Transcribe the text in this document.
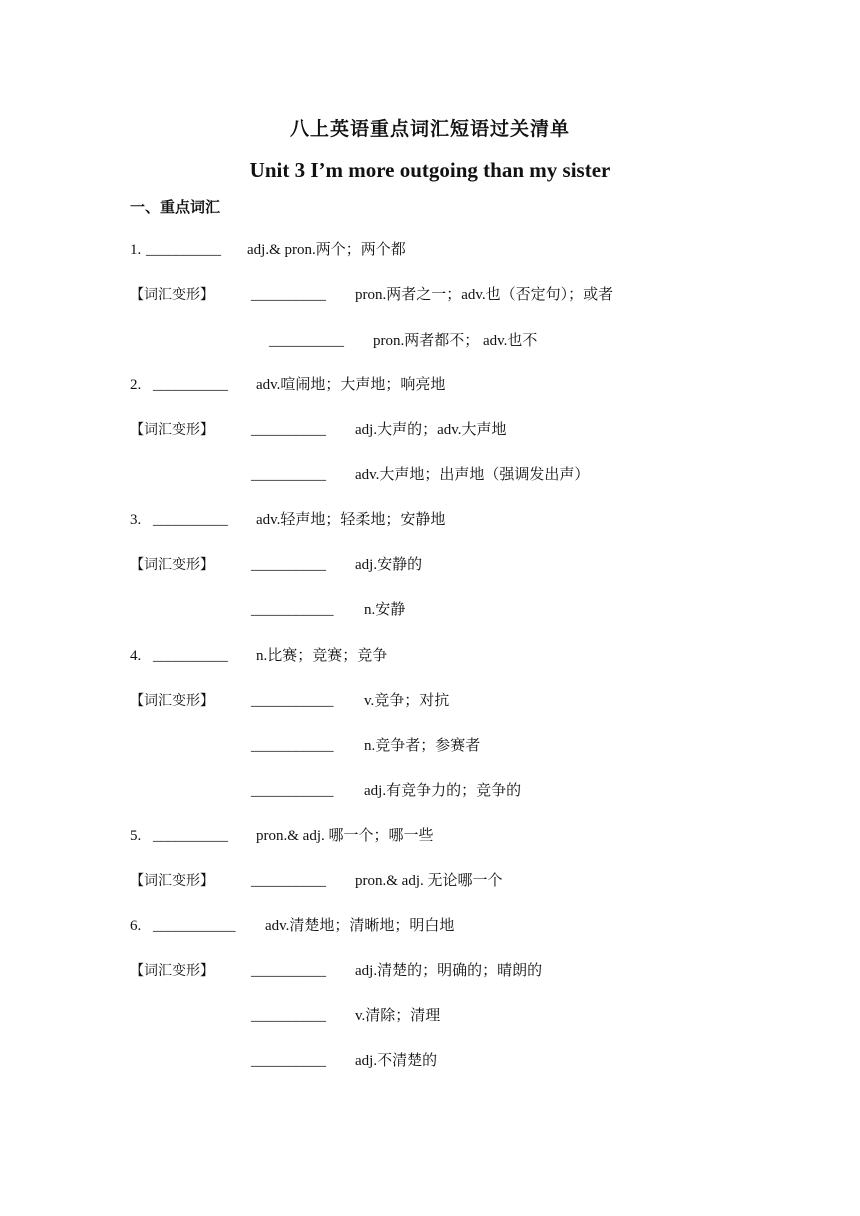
八上英语重点词汇短语过关清单
Unit 3 I’m more outgoing than my sister
一、重点词汇
1. __________ adj.& pron.两个；两个都
【词汇变形】 __________ pron.两者之一；adv.也（否定句）；或者
__________ pron.两者都不； adv.也不
2. __________ adv.喧闹地；大声地；响亮地
【词汇变形】 __________ adj.大声的；adv.大声地
__________ adv.大声地；出声地（强调发出声）
3. __________ adv.轻声地；轻柔地；安静地
【词汇变形】 __________ adj.安静的
___________ n.安静
4. __________ n.比赛；竞赛；竞争
【词汇变形】 ___________ v.竞争；对抗
___________ n.竞争者；参赛者
___________ adj.有竞争力的；竞争的
5. __________ pron.& adj. 哪一个；哪一些
【词汇变形】 __________ pron.& adj. 无论哪一个
6. ___________ adv.清楚地；清晰地；明白地
【词汇变形】 __________ adj.清楚的；明确的；晴朗的
__________ v.清除；清理
__________ adj.不清楚的
